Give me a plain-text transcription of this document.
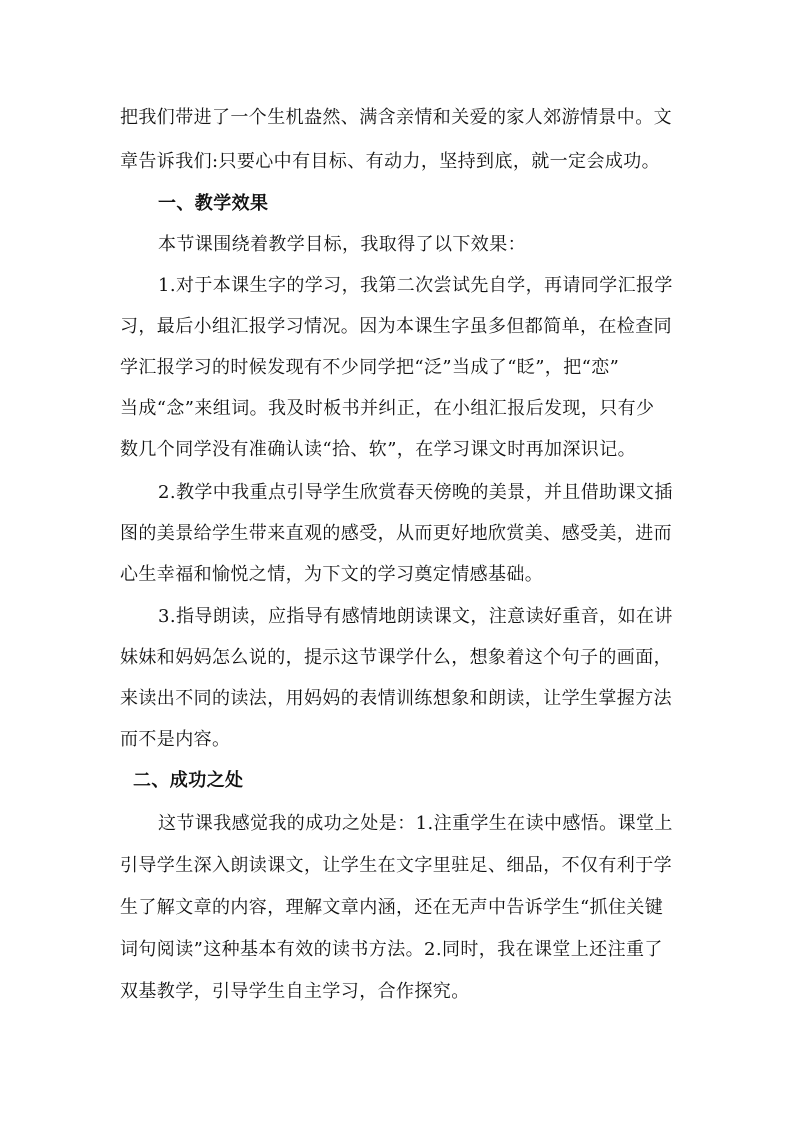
把我们带进了一个生机盎然、满含亲情和关爱的家人郊游情景中。文
章告诉我们:只要心中有目标、有动力，坚持到底，就一定会成功。
一、教学效果
本节课围绕着教学目标，我取得了以下效果：
1.对于本课生字的学习，我第二次尝试先自学，再请同学汇报学
习，最后小组汇报学习情况。因为本课生字虽多但都简单，在检查同
学汇报学习的时候发现有不少同学把“泛”当成了“眨”，把“恋”
当成“念”来组词。我及时板书并纠正，在小组汇报后发现，只有少
数几个同学没有准确认读“拾、软”，在学习课文时再加深识记。
2.教学中我重点引导学生欣赏春天傍晚的美景，并且借助课文插
图的美景给学生带来直观的感受，从而更好地欣赏美、感受美，进而
心生幸福和愉悦之情，为下文的学习奠定情感基础。
3.指导朗读，应指导有感情地朗读课文，注意读好重音，如在讲
妹妹和妈妈怎么说的，提示这节课学什么，想象着这个句子的画面，
来读出不同的读法，用妈妈的表情训练想象和朗读，让学生掌握方法
而不是内容。
二、成功之处
这节课我感觉我的成功之处是：1.注重学生在读中感悟。课堂上
引导学生深入朗读课文，让学生在文字里驻足、细品，不仅有利于学
生了解文章的内容，理解文章内涵，还在无声中告诉学生“抓住关键
词句阅读”这种基本有效的读书方法。2.同时，我在课堂上还注重了
双基教学，引导学生自主学习，合作探究。
